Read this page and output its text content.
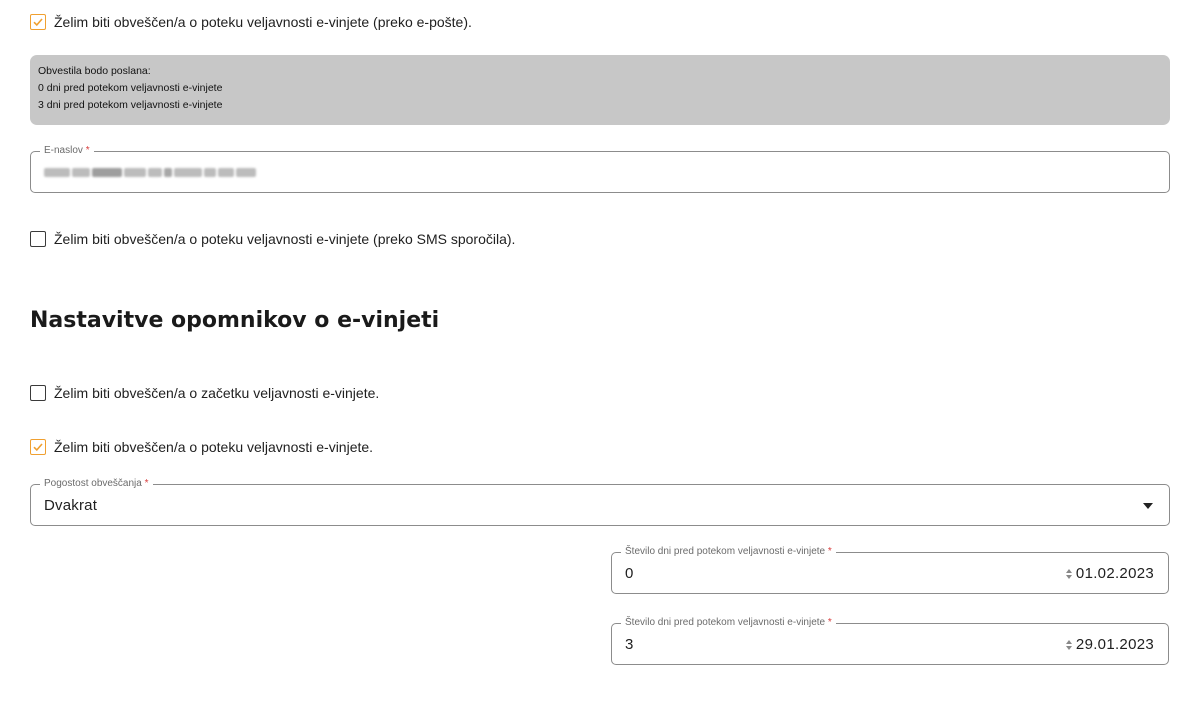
Želim biti obveščen/a o poteku veljavnosti e-vinjete (preko e-pošte).
Obvestila bodo poslana:
0 dni pred potekom veljavnosti e-vinjete
3 dni pred potekom veljavnosti e-vinjete
E-naslov *
Želim biti obveščen/a o poteku veljavnosti e-vinjete (preko SMS sporočila).
Nastavitve opomnikov o e-vinjeti
Želim biti obveščen/a o začetku veljavnosti e-vinjete.
Želim biti obveščen/a o poteku veljavnosti e-vinjete.
Pogostost obveščanja *
Dvakrat
Število dni pred potekom veljavnosti e-vinjete *
0	01.02.2023
Število dni pred potekom veljavnosti e-vinjete *
3	29.01.2023
